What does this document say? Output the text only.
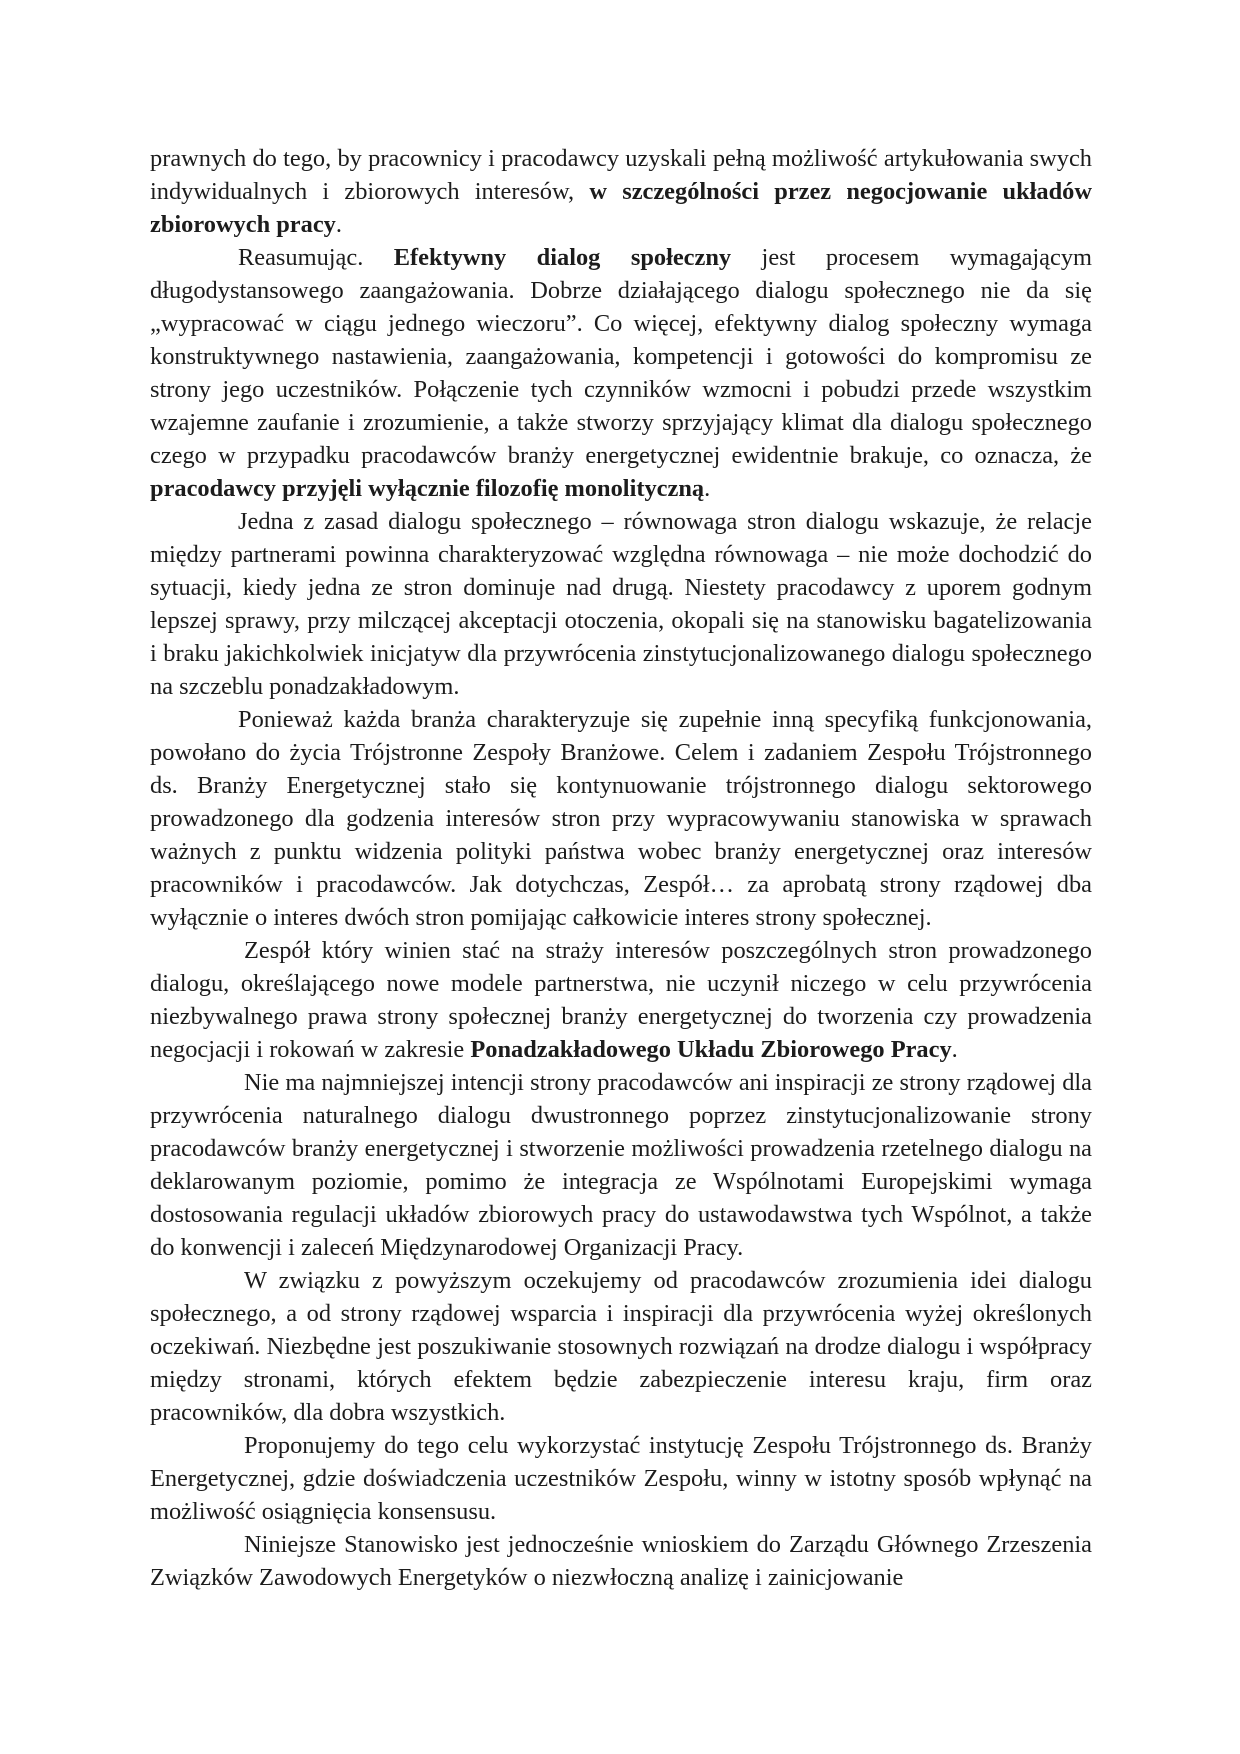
prawnych do tego, by pracownicy i pracodawcy uzyskali pełną możliwość artykułowania swych indywidualnych i zbiorowych interesów, w szczególności przez negocjowanie układów zbiorowych pracy.

Reasumując. Efektywny dialog społeczny jest procesem wymagającym długodystansowego zaangażowania. Dobrze działającego dialogu społecznego nie da się „wypracować w ciągu jednego wieczoru”. Co więcej, efektywny dialog społeczny wymaga konstruktywnego nastawienia, zaangażowania, kompetencji i gotowości do kompromisu ze strony jego uczestników. Połączenie tych czynników wzmocni i pobudzi przede wszystkim wzajemne zaufanie i zrozumienie, a także stworzy sprzyjający klimat dla dialogu społecznego czego w przypadku pracodawców branży energetycznej ewidentnie brakuje, co oznacza, że pracodawcy przyjęli wyłącznie filozofię monolityczną.

Jedna z zasad dialogu społecznego – równowaga stron dialogu wskazuje, że relacje między partnerami powinna charakteryzować względna równowaga – nie może dochodzić do sytuacji, kiedy jedna ze stron dominuje nad drugą. Niestety pracodawcy z uporem godnym lepszej sprawy, przy milczącej akceptacji otoczenia, okopali się na stanowisku bagatelizowania i braku jakichkolwiek inicjatyw dla przywrócenia zinstytucjonalizowanego dialogu społecznego na szczeblu ponadzakładowym.

Ponieważ każda branża charakteryzuje się zupełnie inną specyfiką funkcjonowania, powołano do życia Trójstronne Zespoły Branżowe. Celem i zadaniem Zespołu Trójstronnego ds. Branży Energetycznej stało się kontynuowanie trójstronnego dialogu sektorowego prowadzonego dla godzenia interesów stron przy wypracowywaniu stanowiska w sprawach ważnych z punktu widzenia polityki państwa wobec branży energetycznej oraz interesów pracowników i pracodawców. Jak dotychczas, Zespół… za aprobatą strony rządowej dba wyłącznie o interes dwóch stron pomijając całkowicie interes strony społecznej.

Zespół który winien stać na straży interesów poszczególnych stron prowadzonego dialogu, określającego nowe modele partnerstwa, nie uczynił niczego w celu przywrócenia niezbywalnego prawa strony społecznej branży energetycznej do tworzenia czy prowadzenia negocjacji i rokowań w zakresie Ponadzakładowego Układu Zbiorowego Pracy.

Nie ma najmniejszej intencji strony pracodawców ani inspiracji ze strony rządowej dla przywrócenia naturalnego dialogu dwustronnego poprzez zinstytucjonalizowanie strony pracodawców branży energetycznej i stworzenie możliwości prowadzenia rzetelnego dialogu na deklarowanym poziomie, pomimo że integracja ze Wspólnotami Europejskimi wymaga dostosowania regulacji układów zbiorowych pracy do ustawodawstwa tych Wspólnot, a także do konwencji i zaleceń Międzynarodowej Organizacji Pracy.

W związku z powyższym oczekujemy od pracodawców zrozumienia idei dialogu społecznego, a od strony rządowej wsparcia i inspiracji dla przywrócenia wyżej określonych oczekiwań. Niezbędne jest poszukiwanie stosownych rozwiązań na drodze dialogu i współpracy między stronami, których efektem będzie zabezpieczenie interesu kraju, firm oraz pracowników, dla dobra wszystkich.

Proponujemy do tego celu wykorzystać instytucję Zespołu Trójstronnego ds. Branży Energetycznej, gdzie doświadczenia uczestników Zespołu, winny w istotny sposób wpłynąć na możliwość osiągnięcia konsensusu.

Niniejsze Stanowisko jest jednocześnie wnioskiem do Zarządu Głównego Zrzeszenia Związków Zawodowych Energetyków o niezwłoczną analizę i zainicjowanie
